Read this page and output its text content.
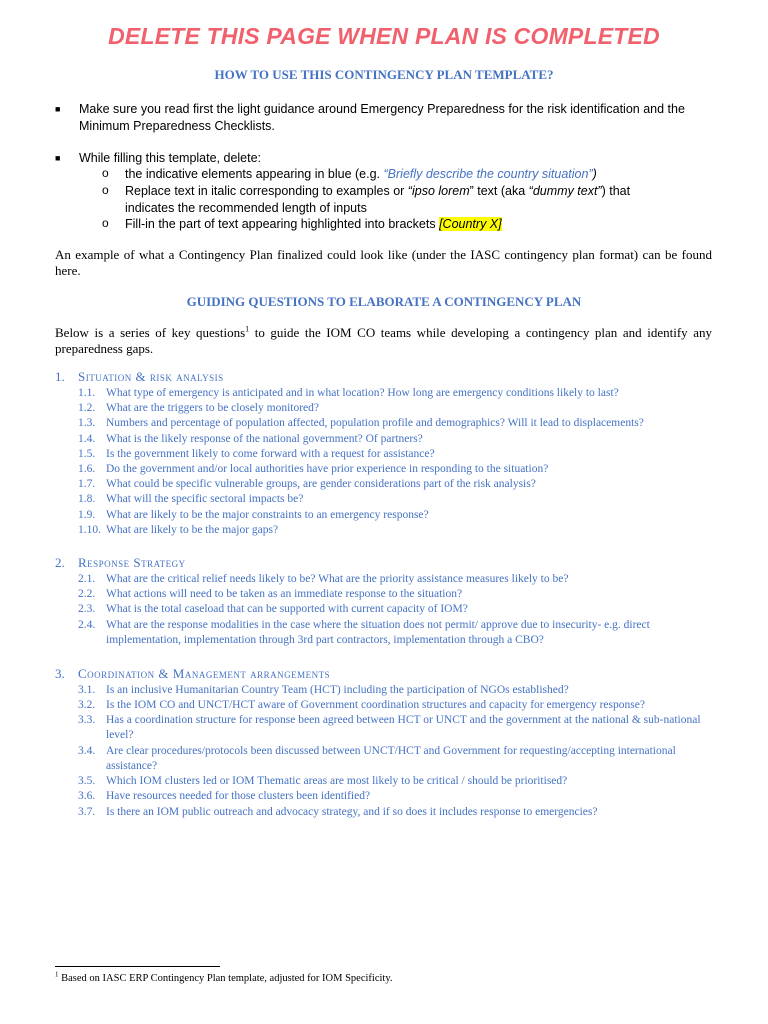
DELETE THIS PAGE WHEN PLAN IS COMPLETED
HOW TO USE THIS CONTINGENCY PLAN TEMPLATE?
■ Make sure you read first the light guidance around Emergency Preparedness for the risk identification and the
Minimum Preparedness Checklists.
■ While filling this template, delete:
o the indicative elements appearing in blue (e.g. “Briefly describe the country situation”)
o Replace text in italic corresponding to examples or “ipso lorem” text (aka “dummy text”) that
indicates the recommended length of inputs
o Fill-in the part of text appearing highlighted into brackets [Country X]
An example of what a Contingency Plan finalized could look like (under the IASC contingency plan format) can be found here.
GUIDING QUESTIONS TO ELABORATE A CONTINGENCY PLAN
Below is a series of key questions$^1$ to guide the IOM CO teams while developing a contingency plan and identify any preparedness gaps.
1. Situation & risk analysis
1.1. What type of emergency is anticipated and in what location? How long are emergency conditions likely to last?
1.2. What are the triggers to be closely monitored?
1.3. Numbers and percentage of population affected, population profile and demographics? Will it lead to displacements?
1.4. What is the likely response of the national government? Of partners?
1.5. Is the government likely to come forward with a request for assistance?
1.6. Do the government and/or local authorities have prior experience in responding to the situation?
1.7. What could be specific vulnerable groups, are gender considerations part of the risk analysis?
1.8. What will the specific sectoral impacts be?
1.9. What are likely to be the major constraints to an emergency response?
1.10. What are likely to be the major gaps?
2. Response Strategy
2.1. What are the critical relief needs likely to be? What are the priority assistance measures likely to be?
2.2. What actions will need to be taken as an immediate response to the situation?
2.3. What is the total caseload that can be supported with current capacity of IOM?
2.4. What are the response modalities in the case where the situation does not permit/ approve due to insecurity- e.g. direct implementation, implementation through 3rd part contractors, implementation through a CBO?
3. Coordination & Management arrangements
3.1. Is an inclusive Humanitarian Country Team (HCT) including the participation of NGOs established?
3.2. Is the IOM CO and UNCT/HCT aware of Government coordination structures and capacity for emergency response?
3.3. Has a coordination structure for response been agreed between HCT or UNCT and the government at the national & sub-national level?
3.4. Are clear procedures/protocols been discussed between UNCT/HCT and Government for requesting/accepting international assistance?
3.5. Which IOM clusters led or IOM Thematic areas are most likely to be critical / should be prioritised?
3.6. Have resources needed for those clusters been identified?
3.7. Is there an IOM public outreach and advocacy strategy, and if so does it includes response to emergencies?
$^1$ Based on IASC ERP Contingency Plan template, adjusted for IOM Specificity.
